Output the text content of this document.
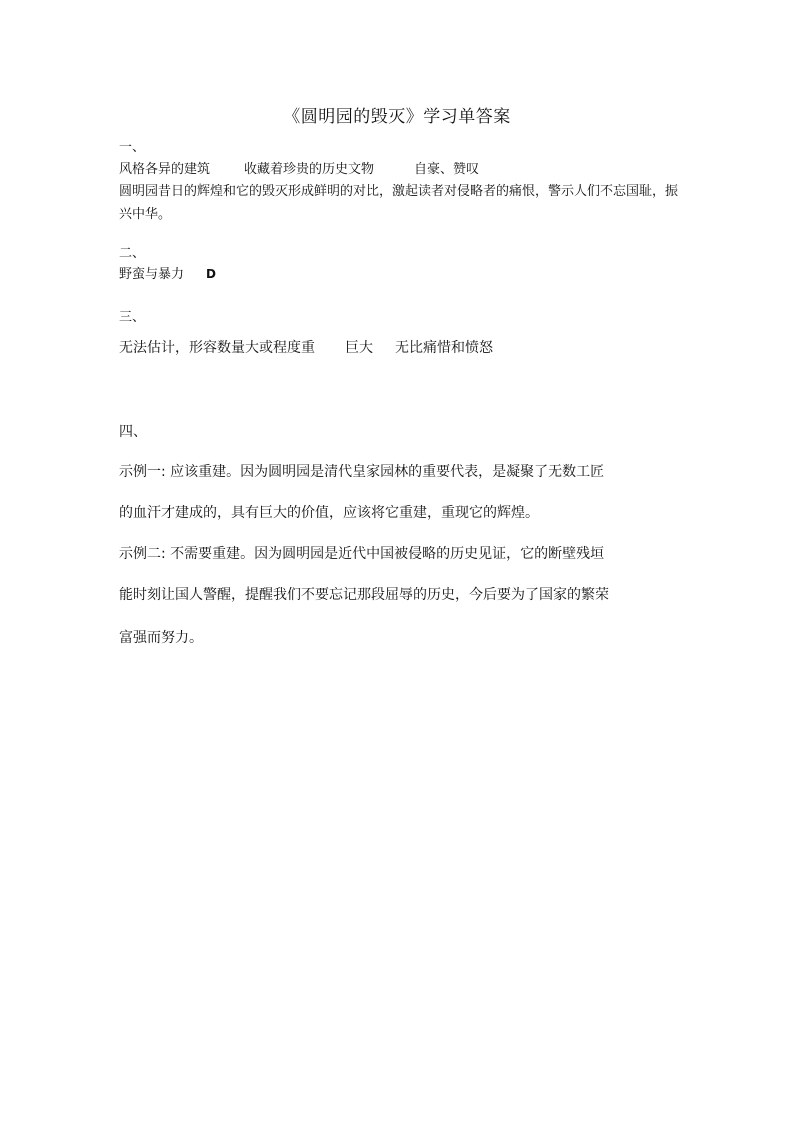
《圆明园的毁灭》学习单答案
一、
风格各异的建筑	收藏着珍贵的历史文物	自豪、赞叹
圆明园昔日的辉煌和它的毁灭形成鲜明的对比，激起读者对侵略者的痛恨，警示人们不忘国耻，振兴中华。
二、
野蛮与暴力 D
三、
无法估计，形容数量大或程度重 巨大 无比痛惜和愤怒
四、
示例一: 应该重建。因为圆明园是清代皇家园林的重要代表，是凝聚了无数工匠
的血汗才建成的，具有巨大的价值，应该将它重建，重现它的辉煌。
示例二: 不需要重建。因为圆明园是近代中国被侵略的历史见证，它的断壁残垣
能时刻让国人警醒，提醒我们不要忘记那段屈辱的历史，今后要为了国家的繁荣
富强而努力。
